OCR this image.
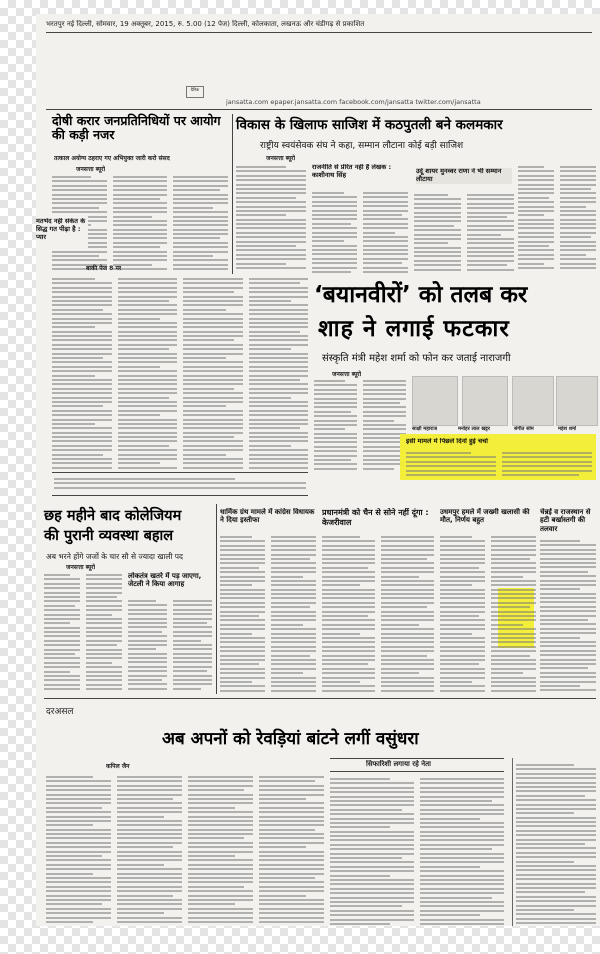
भरतपुर नई दिल्ली, सोमवार, 19 अक्तूबर, 2015, रु. 5.00 (12 पेज) दिल्ली, कोलकाता, लखनऊ और चंडीगढ़ से प्रकाशित
दैनिक
jansatta.com epaper.jansatta.com facebook.com/jansatta twitter.com/jansatta
दोषी करार जनप्रतिनिधियों पर आयोग की कड़ी नजर
तत्काल अयोग्य ठहराए गए अभियुक्त जारी करो संसद
जनसत्ता ब्यूरो
मतभेद नहीं संकेत के सिद्ध गत पीढ़ा है : प्यार
बाकी पेज 8 पर
विकास के खिलाफ साजिश में कठपुतली बने कलमकार
राष्ट्रीय स्वयंसेवक संघ ने कहा, सम्मान लौटाना कोई बड़ी साजिश
जनसत्ता ब्यूरो
राजनीति से प्रेरित नहीं हैं लेखक : काशीनाथ सिंह	उर्दू शायर मुनव्वर राणा ने भी सम्मान लौटाया
‘बयानवीरों’ को तलब कर
शाह ने लगाई फटकार
संस्कृति मंत्री महेश शर्मा को फोन कर जताई नाराजगी
जनसत्ता ब्यूरो
साक्षी महाराज	मनोहर लाल खट्टर	संगीत सोम	महेश शर्मा
इसी मामले में पिछले दिनों हुई चर्चा
छह महीने बाद कोलेजियम
की पुरानी व्यवस्था बहाल
अब भरने होंगे जजों के चार सौ से ज्यादा खाली पद
जनसत्ता ब्यूरो
लोकतंत्र खतरे में पड़ जाएगा, जेटली ने किया आगाह
धार्मिक ग्रंथ मामले में कांग्रेस विधायक ने दिया इस्तीफा
प्रधानमंत्री को चैन से सोने नहीं दूंगा : केजरीवाल
उधमपुर हमले में जख्मी खलासी की मौत, निर्णय बहुत
चेन्नई व राजस्थान से हटी बर्खास्तगी की तलवार
दरअसल
अब अपनों को रेवड़ियां बांटने लगीं वसुंधरा
कपिल जैन	सिफारिशी लगाया रहे नेता
